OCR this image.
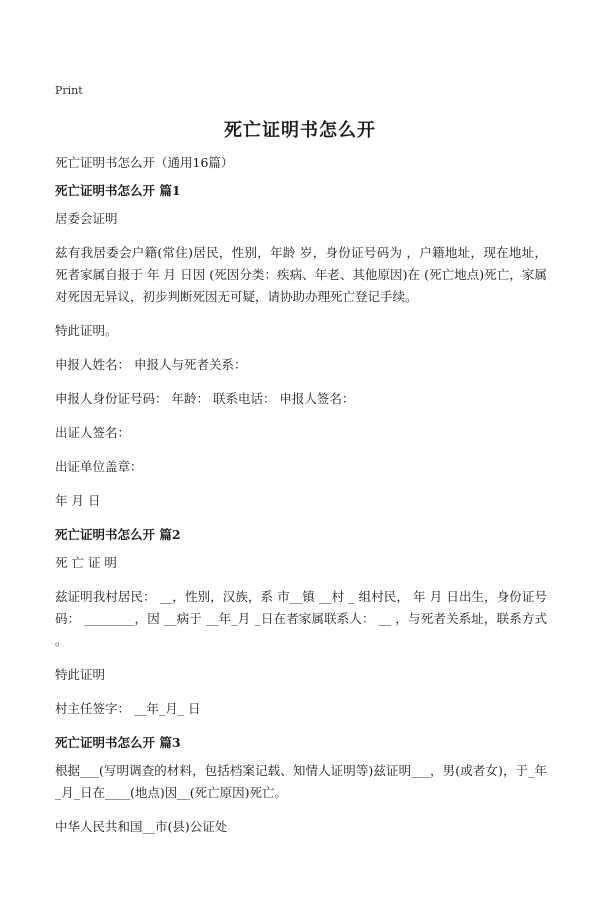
Print
死亡证明书怎么开

死亡证明书怎么开（通用16篇）

死亡证明书怎么开 篇1

居委会证明

兹有我居委会户籍(常住)居民，性别，年龄 岁，身份证号码为 ，户籍地址，现在地址，死者家属自报于 年 月 日因 (死因分类：疾病、年老、其他原因)在 (死亡地点)死亡，家属对死因无异议，初步判断死因无可疑，请协助办理死亡登记手续。

特此证明。

申报人姓名： 申报人与死者关系：

申报人身份证号码： 年龄： 联系电话： 申报人签名：

出证人签名：

出证单位盖章：

年 月 日

死亡证明书怎么开 篇2

死 亡 证 明

兹证明我村居民： __，性别，汉族，系 市__镇 __村 _ 组村民， 年 月 日出生，身份证号码： ________，因 __病于 __年_月 _日在者家属联系人： __ ，与死者关系址，联系方式 。

特此证明

村主任签字： __年_月_ 日

死亡证明书怎么开 篇3

根据___(写明调查的材料，包括档案记载、知情人证明等)兹证明___，男(或者女)，于_年_月_日在____(地点)因__(死亡原因)死亡。

中华人民共和国__市(县)公证处
